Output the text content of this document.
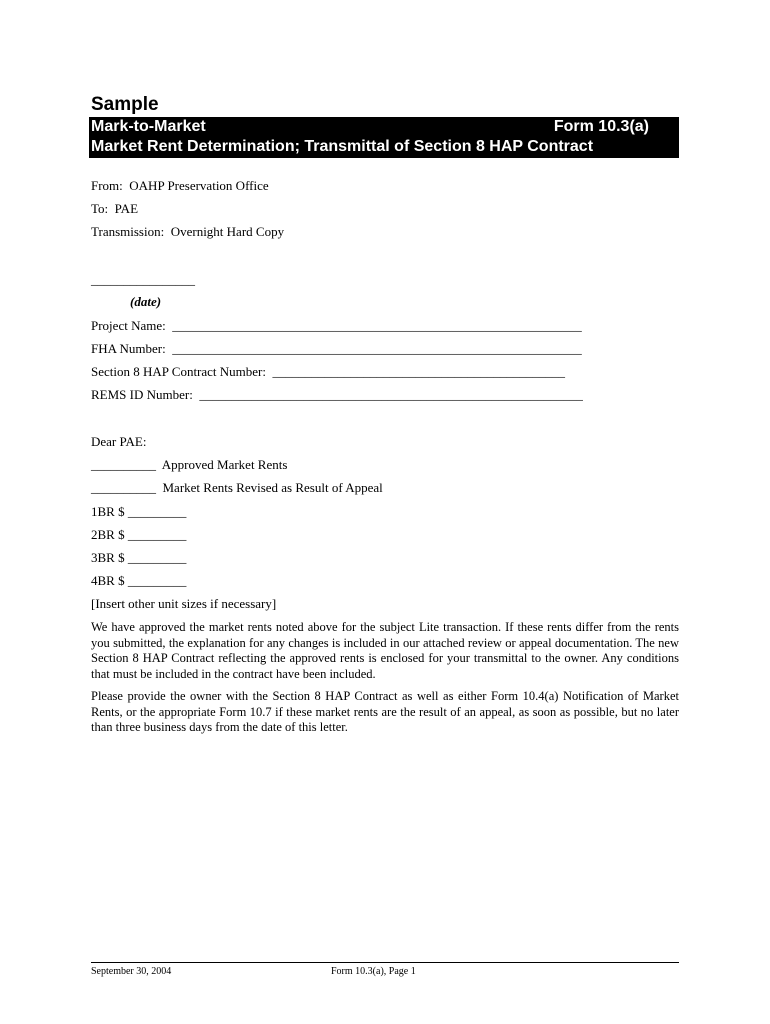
Sample
Mark-to-Market	Form 10.3(a)
Market Rent Determination; Transmittal of Section 8 HAP Contract
From:  OAHP Preservation Office
To:  PAE
Transmission:  Overnight Hard Copy
________________
(date)
Project Name:  _______________________________________________________________
FHA Number:  _______________________________________________________________
Section 8 HAP Contract Number:  _____________________________________________
REMS ID Number:  ___________________________________________________________
Dear PAE:
__________  Approved Market Rents
__________  Market Rents Revised as Result of Appeal
1BR $ _________
2BR $ _________
3BR $ _________
4BR $ _________
[Insert other unit sizes if necessary]
We have approved the market rents noted above for the subject Lite transaction. If these rents differ from the rents you submitted, the explanation for any changes is included in our attached review or appeal documentation. The new Section 8 HAP Contract reflecting the approved rents is enclosed for your transmittal to the owner. Any conditions that must be included in the contract have been included.
Please provide the owner with the Section 8 HAP Contract as well as either Form 10.4(a) Notification of Market Rents, or the appropriate Form 10.7 if these market rents are the result of an appeal, as soon as possible, but no later than three business days from the date of this letter.
September 30, 2004	Form 10.3(a), Page 1
